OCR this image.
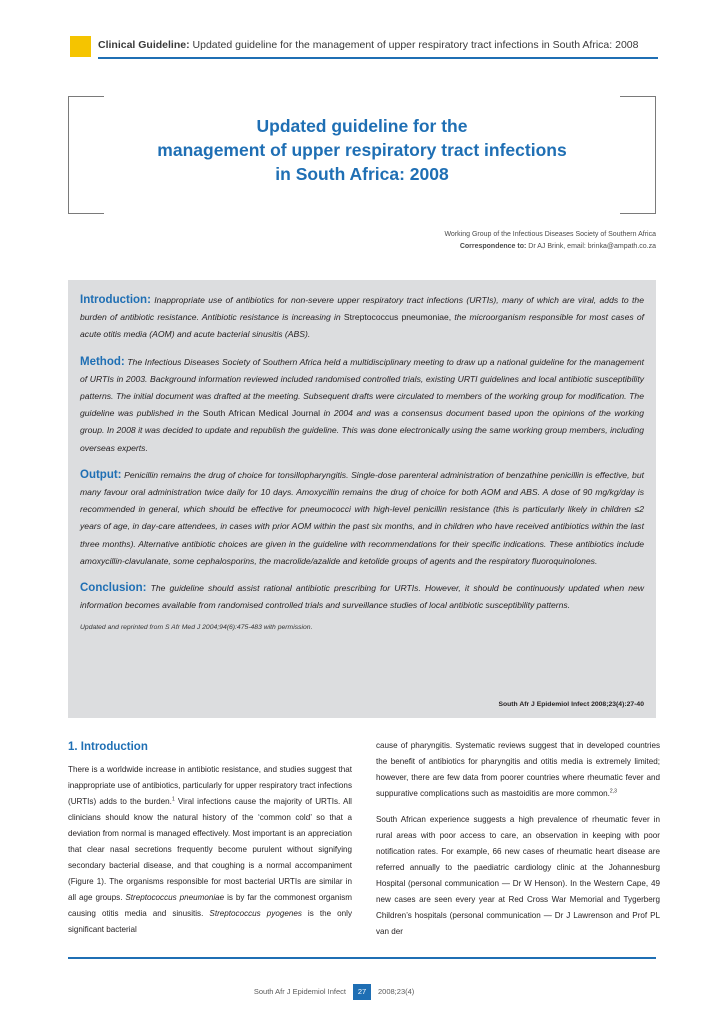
Clinical Guideline: Updated guideline for the management of upper respiratory tract infections in South Africa: 2008
Updated guideline for the
management of upper respiratory tract infections
in South Africa: 2008
Working Group of the Infectious Diseases Society of Southern Africa
Correspondence to: Dr AJ Brink, email: brinka@ampath.co.za

Introduction: Inappropriate use of antibiotics for non-severe upper respiratory tract infections (URTIs), many of which are viral, adds to the burden of antibiotic resistance. Antibiotic resistance is increasing in Streptococcus pneumoniae, the microorganism responsible for most cases of acute otitis media (AOM) and acute bacterial sinusitis (ABS).

Method: The Infectious Diseases Society of Southern Africa held a multidisciplinary meeting to draw up a national guideline for the management of URTIs in 2003. Background information reviewed included randomised controlled trials, existing URTI guidelines and local antibiotic susceptibility patterns. The initial document was drafted at the meeting. Subsequent drafts were circulated to members of the working group for modification. The guideline was published in the South African Medical Journal in 2004 and was a consensus document based upon the opinions of the working group. In 2008 it was decided to update and republish the guideline. This was done electronically using the same working group members, including overseas experts.

Output: Penicillin remains the drug of choice for tonsillopharyngitis. Single-dose parenteral administration of benzathine penicillin is effective, but many favour oral administration twice daily for 10 days. Amoxycillin remains the drug of choice for both AOM and ABS. A dose of 90 mg/kg/day is recommended in general, which should be effective for pneumococci with high-level penicillin resistance (this is particularly likely in children ≤2 years of age, in day-care attendees, in cases with prior AOM within the past six months, and in children who have received antibiotics within the last three months). Alternative antibiotic choices are given in the guideline with recommendations for their specific indications. These antibiotics include amoxycillin-clavulanate, some cephalosporins, the macrolide/azalide and ketolide groups of agents and the respiratory fluoroquinolones.

Conclusion: The guideline should assist rational antibiotic prescribing for URTIs. However, it should be continuously updated when new information becomes available from randomised controlled trials and surveillance studies of local antibiotic susceptibility patterns.

Updated and reprinted from S Afr Med J 2004;94(6):475-483 with permission.
South Afr J Epidemiol Infect 2008;23(4):27-40
1. Introduction

There is a worldwide increase in antibiotic resistance, and studies suggest that inappropriate use of antibiotics, particularly for upper respiratory tract infections (URTIs) adds to the burden.$^1$ Viral infections cause the majority of URTIs. All clinicians should know the natural history of the ‘common cold’ so that a deviation from normal is managed effectively. Most important is an appreciation that clear nasal secretions frequently become purulent without signifying secondary bacterial disease, and that coughing is a normal accompaniment (Figure 1). The organisms responsible for most bacterial URTIs are similar in all age groups. Streptococcus pneumoniae is by far the commonest organism causing otitis media and sinusitis. Streptococcus pyogenes is the only significant bacterial

cause of pharyngitis. Systematic reviews suggest that in developed countries the benefit of antibiotics for pharyngitis and otitis media is extremely limited; however, there are few data from poorer countries where rheumatic fever and suppurative complications such as mastoiditis are more common.$^{2,3}$

South African experience suggests a high prevalence of rheumatic fever in rural areas with poor access to care, an observation in keeping with poor notification rates. For example, 66 new cases of rheumatic heart disease are referred annually to the paediatric cardiology clinic at the Johannesburg Hospital (personal communication — Dr W Henson). In the Western Cape, 49 new cases are seen every year at Red Cross War Memorial and Tygerberg Children’s hospitals (personal communication — Dr J Lawrenson and Prof PL van der

South Afr J Epidemiol Infect	27	2008;23(4)
